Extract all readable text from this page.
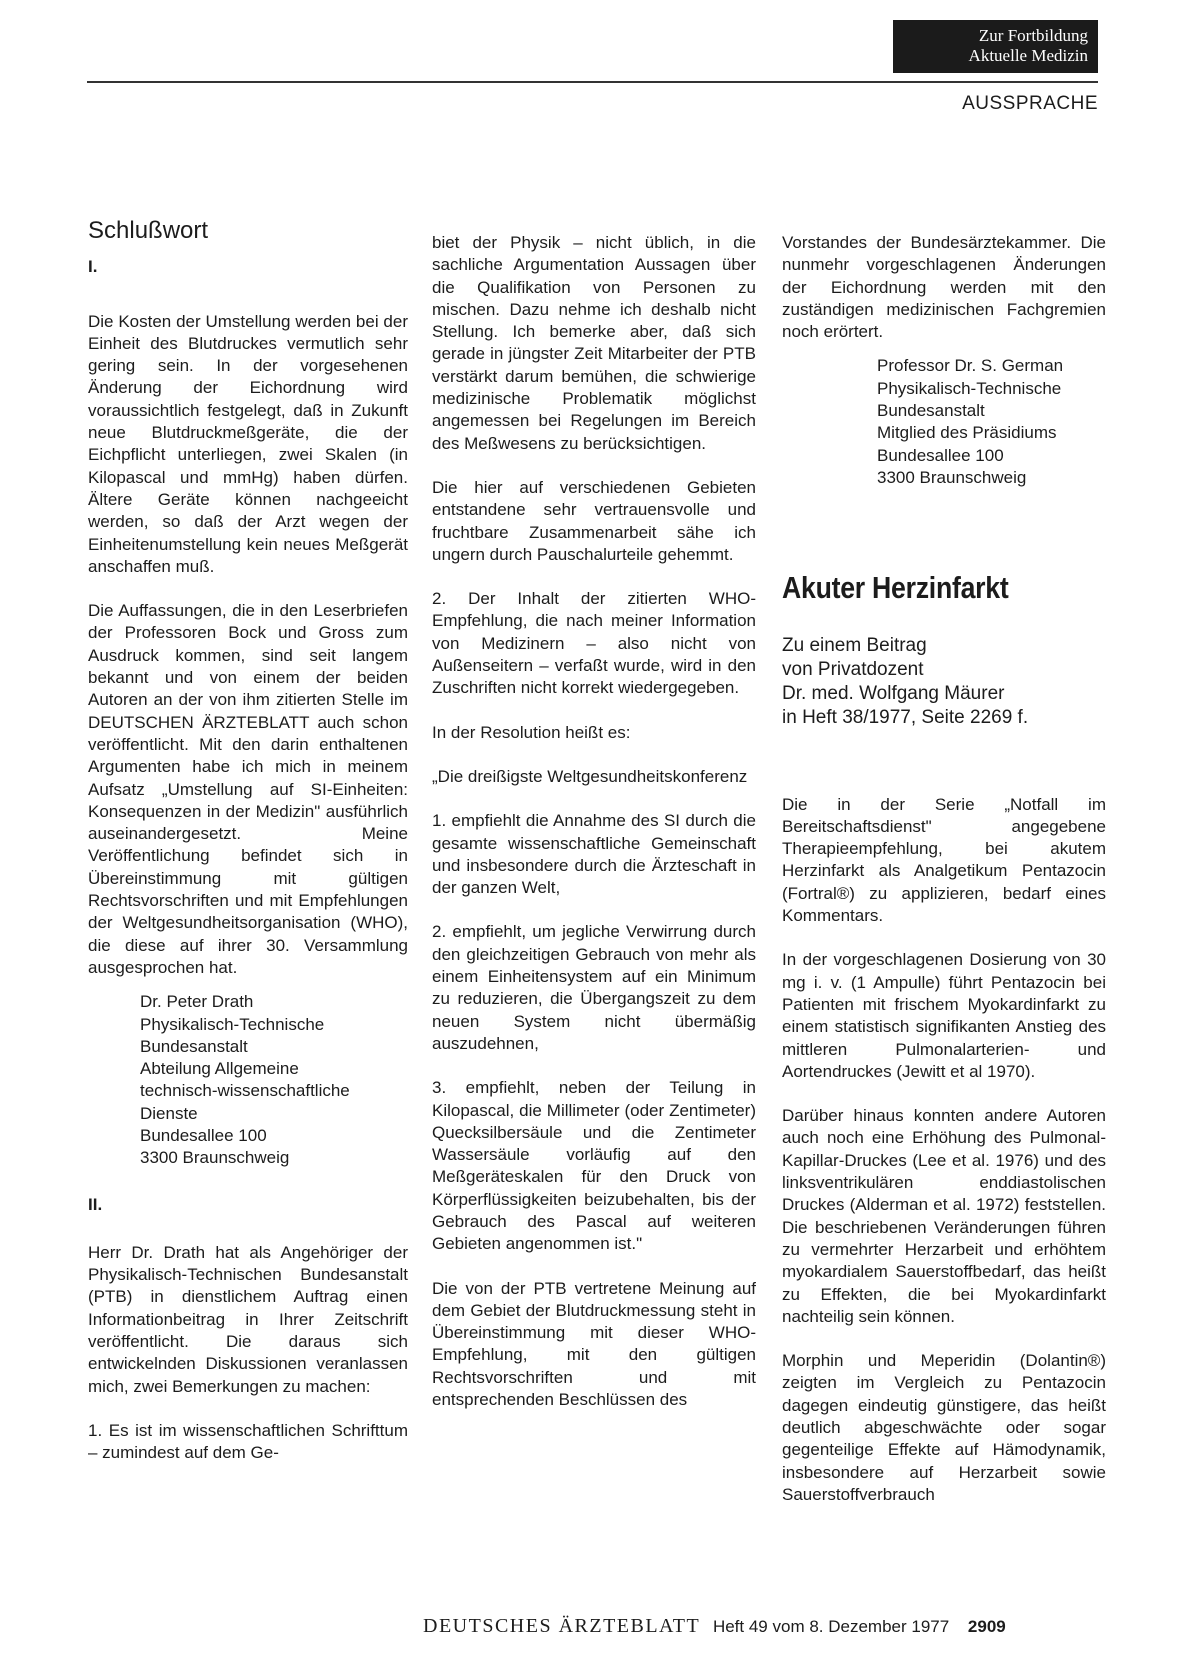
Zur Fortbildung
Aktuelle Medizin
AUSSPRACHE
Schlußwort
I.

Die Kosten der Umstellung werden bei der Einheit des Blutdruckes vermutlich sehr gering sein. In der vorgesehenen Änderung der Eichordnung wird voraussichtlich festgelegt, daß in Zukunft neue Blutdruckmeßgeräte, die der Eichpflicht unterliegen, zwei Skalen (in Kilopascal und mmHg) haben dürfen. Ältere Geräte können nachgeeicht werden, so daß der Arzt wegen der Einheitenumstellung kein neues Meßgerät anschaffen muß.

Die Auffassungen, die in den Leserbriefen der Professoren Bock und Gross zum Ausdruck kommen, sind seit langem bekannt und von einem der beiden Autoren an der von ihm zitierten Stelle im DEUTSCHEN ÄRZTEBLATT auch schon veröffentlicht. Mit den darin enthaltenen Argumenten habe ich mich in meinem Aufsatz „Umstellung auf SI-Einheiten: Konsequenzen in der Medizin" ausführlich auseinandergesetzt. Meine Veröffentlichung befindet sich in Übereinstimmung mit gültigen Rechtsvorschriften und mit Empfehlungen der Weltgesundheitsorganisation (WHO), die diese auf ihrer 30. Versammlung ausgesprochen hat.

Dr. Peter Drath
Physikalisch-Technische
Bundesanstalt
Abteilung Allgemeine
technisch-wissenschaftliche
Dienste
Bundesallee 100
3300 Braunschweig
II.

Herr Dr. Drath hat als Angehöriger der Physikalisch-Technischen Bundesanstalt (PTB) in dienstlichem Auftrag einen Informationbeitrag in Ihrer Zeitschrift veröffentlicht. Die daraus sich entwickelnden Diskussionen veranlassen mich, zwei Bemerkungen zu machen:

1. Es ist im wissenschaftlichen Schrifttum – zumindest auf dem Ge-

biet der Physik – nicht üblich, in die sachliche Argumentation Aussagen über die Qualifikation von Personen zu mischen. Dazu nehme ich deshalb nicht Stellung. Ich bemerke aber, daß sich gerade in jüngster Zeit Mitarbeiter der PTB verstärkt darum bemühen, die schwierige medizinische Problematik möglichst angemessen bei Regelungen im Bereich des Meßwesens zu berücksichtigen.

Die hier auf verschiedenen Gebieten entstandene sehr vertrauensvolle und fruchtbare Zusammenarbeit sähe ich ungern durch Pauschalurteile gehemmt.

2. Der Inhalt der zitierten WHO-Empfehlung, die nach meiner Information von Medizinern – also nicht von Außenseitern – verfaßt wurde, wird in den Zuschriften nicht korrekt wiedergegeben.

In der Resolution heißt es:

„Die dreißigste Weltgesundheitskonferenz

1. empfiehlt die Annahme des SI durch die gesamte wissenschaftliche Gemeinschaft und insbesondere durch die Ärzteschaft in der ganzen Welt,

2. empfiehlt, um jegliche Verwirrung durch den gleichzeitigen Gebrauch von mehr als einem Einheitensystem auf ein Minimum zu reduzieren, die Übergangszeit zu dem neuen System nicht übermäßig auszudehnen,

3. empfiehlt, neben der Teilung in Kilopascal, die Millimeter (oder Zentimeter) Quecksilbersäule und die Zentimeter Wassersäule vorläufig auf den Meßgeräteskalen für den Druck von Körperflüssigkeiten beizubehalten, bis der Gebrauch des Pascal auf weiteren Gebieten angenommen ist."

Die von der PTB vertretene Meinung auf dem Gebiet der Blutdruckmessung steht in Übereinstimmung mit dieser WHO-Empfehlung, mit den gültigen Rechtsvorschriften und mit entsprechenden Beschlüssen des

Vorstandes der Bundesärztekammer. Die nunmehr vorgeschlagenen Änderungen der Eichordnung werden mit den zuständigen medizinischen Fachgremien noch erörtert.

Professor Dr. S. German
Physikalisch-Technische
Bundesanstalt
Mitglied des Präsidiums
Bundesallee 100
3300 Braunschweig
Akuter Herzinfarkt
Zu einem Beitrag
von Privatdozent
Dr. med. Wolfgang Mäurer
in Heft 38/1977, Seite 2269 f.

Die in der Serie „Notfall im Bereitschaftsdienst" angegebene Therapieempfehlung, bei akutem Herzinfarkt als Analgetikum Pentazocin (Fortral®) zu applizieren, bedarf eines Kommentars.

In der vorgeschlagenen Dosierung von 30 mg i. v. (1 Ampulle) führt Pentazocin bei Patienten mit frischem Myokardinfarkt zu einem statistisch signifikanten Anstieg des mittleren Pulmonalarterien- und Aortendruckes (Jewitt et al 1970).

Darüber hinaus konnten andere Autoren auch noch eine Erhöhung des Pulmonal-Kapillar-Druckes (Lee et al. 1976) und des linksventrikulären enddiastolischen Druckes (Alderman et al. 1972) feststellen. Die beschriebenen Veränderungen führen zu vermehrter Herzarbeit und erhöhtem myokardialem Sauerstoffbedarf, das heißt zu Effekten, die bei Myokardinfarkt nachteilig sein können.

Morphin und Meperidin (Dolantin®) zeigten im Vergleich zu Pentazocin dagegen eindeutig günstigere, das heißt deutlich abgeschwächte oder sogar gegenteilige Effekte auf Hämodynamik, insbesondere auf Herzarbeit sowie Sauerstoffverbrauch

DEUTSCHES ÄRZTEBLATT Heft 49 vom 8. Dezember 1977 2909
